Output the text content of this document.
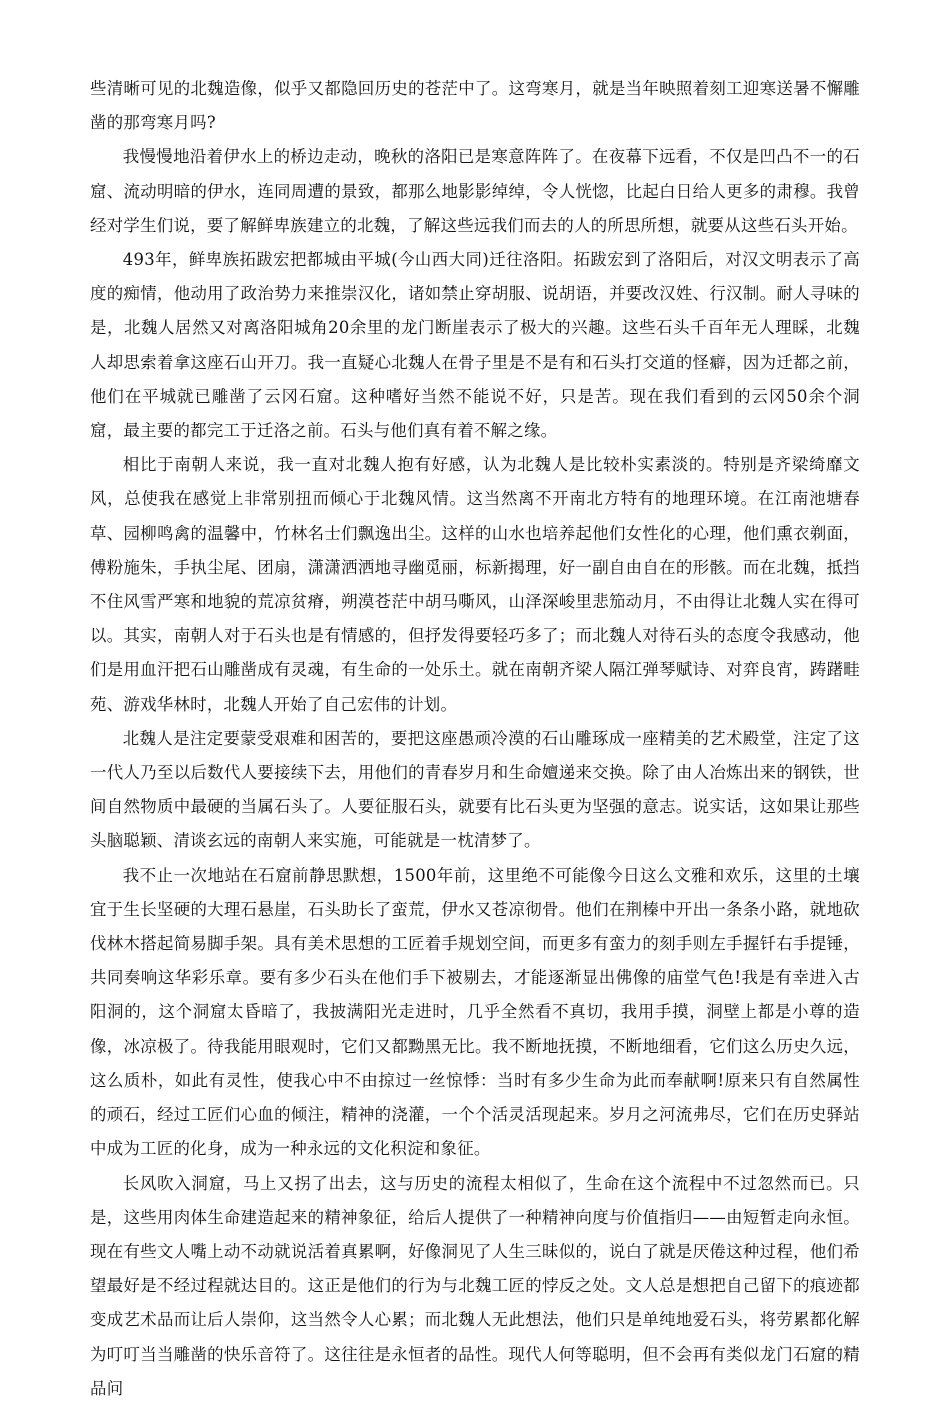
些清晰可见的北魏造像，似乎又都隐回历史的苍茫中了。这弯寒月，就是当年映照着刻工迎寒送暑不懈雕凿的那弯寒月吗?

我慢慢地沿着伊水上的桥边走动，晚秋的洛阳已是寒意阵阵了。在夜幕下远看，不仅是凹凸不一的石窟、流动明暗的伊水，连同周遭的景致，都那么地影影绰绰，令人恍惚，比起白日给人更多的肃穆。我曾经对学生们说，要了解鲜卑族建立的北魏，了解这些远我们而去的人的所思所想，就要从这些石头开始。

493年，鲜卑族拓跋宏把都城由平城(今山西大同)迁往洛阳。拓跋宏到了洛阳后，对汉文明表示了高度的痴情，他动用了政治势力来推崇汉化，诸如禁止穿胡服、说胡语，并要改汉姓、行汉制。耐人寻味的是，北魏人居然又对离洛阳城角20余里的龙门断崖表示了极大的兴趣。这些石头千百年无人理睬，北魏人却思索着拿这座石山开刀。我一直疑心北魏人在骨子里是不是有和石头打交道的怪癖，因为迁都之前，他们在平城就已雕凿了云冈石窟。这种嗜好当然不能说不好，只是苦。现在我们看到的云冈50余个洞窟，最主要的都完工于迁洛之前。石头与他们真有着不解之缘。

相比于南朝人来说，我一直对北魏人抱有好感，认为北魏人是比较朴实素淡的。特别是齐梁绮靡文风，总使我在感觉上非常别扭而倾心于北魏风情。这当然离不开南北方特有的地理环境。在江南池塘春草、园柳鸣禽的温馨中，竹林名士们飘逸出尘。这样的山水也培养起他们女性化的心理，他们熏衣剃面，傅粉施朱，手执尘尾、团扇，潇潇洒洒地寻幽觅丽，标新揭理，好一副自由自在的形骸。而在北魏，抵挡不住风雪严寒和地貌的荒凉贫瘠，朔漠苍茫中胡马嘶风，山泽深峻里悲笳动月，不由得让北魏人实在得可以。其实，南朝人对于石头也是有情感的，但抒发得要轻巧多了；而北魏人对待石头的态度令我感动，他们是用血汗把石山雕凿成有灵魂，有生命的一处乐土。就在南朝齐梁人隔江弹琴赋诗、对弈良宵，踌躇畦苑、游戏华林时，北魏人开始了自己宏伟的计划。

北魏人是注定要蒙受艰难和困苦的，要把这座愚顽冷漠的石山雕琢成一座精美的艺术殿堂，注定了这一代人乃至以后数代人要接续下去，用他们的青春岁月和生命嬗递来交换。除了由人冶炼出来的钢铁，世间自然物质中最硬的当属石头了。人要征服石头，就要有比石头更为坚强的意志。说实话，这如果让那些头脑聪颖、清谈玄远的南朝人来实施，可能就是一枕清梦了。

我不止一次地站在石窟前静思默想，1500年前，这里绝不可能像今日这么文雅和欢乐，这里的土壤宜于生长坚硬的大理石悬崖，石头助长了蛮荒，伊水又苍凉彻骨。他们在荆榛中开出一条条小路，就地砍伐林木搭起简易脚手架。具有美术思想的工匠着手规划空间，而更多有蛮力的刻手则左手握钎右手提锤，共同奏响这华彩乐章。要有多少石头在他们手下被剔去，才能逐渐显出佛像的庙堂气色!我是有幸进入古阳洞的，这个洞窟太昏暗了，我披满阳光走进时，几乎全然看不真切，我用手摸，洞壁上都是小尊的造像，冰凉极了。待我能用眼观时，它们又都黝黑无比。我不断地抚摸，不断地细看，它们这么历史久远，这么质朴，如此有灵性，使我心中不由掠过一丝惊悸：当时有多少生命为此而奉献啊!原来只有自然属性的顽石，经过工匠们心血的倾注，精神的浇灌，一个个活灵活现起来。岁月之河流弗尽，它们在历史驿站中成为工匠的化身，成为一种永远的文化积淀和象征。

长风吹入洞窟，马上又拐了出去，这与历史的流程太相似了，生命在这个流程中不过忽然而已。只是，这些用肉体生命建造起来的精神象征，给后人提供了一种精神向度与价值指归——由短暂走向永恒。现在有些文人嘴上动不动就说活着真累啊，好像洞见了人生三昧似的，说白了就是厌倦这种过程，他们希望最好是不经过程就达目的。这正是他们的行为与北魏工匠的悖反之处。文人总是想把自己留下的痕迹都变成艺术品而让后人崇仰，这当然令人心累；而北魏人无此想法，他们只是单纯地爱石头，将劳累都化解为叮叮当当雕凿的快乐音符了。这往往是永恒者的品性。现代人何等聪明，但不会再有类似龙门石窟的精品问
